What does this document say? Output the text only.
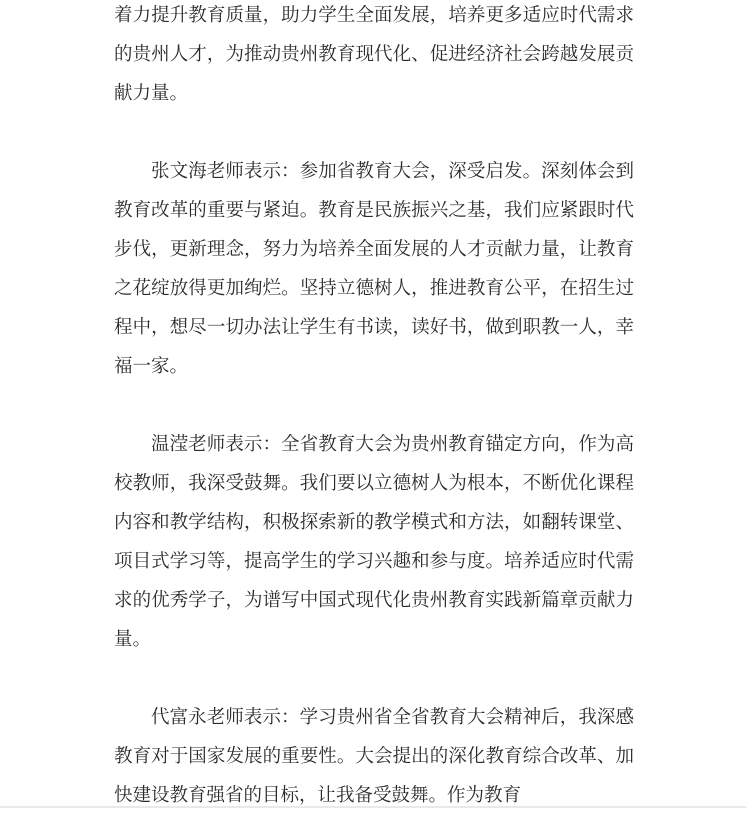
着力提升教育质量，助力学生全面发展，培养更多适应时代需求的贵州人才，为推动贵州教育现代化、促进经济社会跨越发展贡献力量。

张文海老师表示：参加省教育大会，深受启发。深刻体会到教育改革的重要与紧迫。教育是民族振兴之基，我们应紧跟时代步伐，更新理念，努力为培养全面发展的人才贡献力量，让教育之花绽放得更加绚烂。坚持立德树人，推进教育公平，在招生过程中，想尽一切办法让学生有书读，读好书，做到职教一人，幸福一家。

温滢老师表示：全省教育大会为贵州教育锚定方向，作为高校教师，我深受鼓舞。我们要以立德树人为根本，不断优化课程内容和教学结构，积极探索新的教学模式和方法，如翻转课堂、项目式学习等，提高学生的学习兴趣和参与度。培养适应时代需求的优秀学子，为谱写中国式现代化贵州教育实践新篇章贡献力量。

代富永老师表示：学习贵州省全省教育大会精神后，我深感教育对于国家发展的重要性。大会提出的深化教育综合改革、加快建设教育强省的目标，让我备受鼓舞。作为教育
